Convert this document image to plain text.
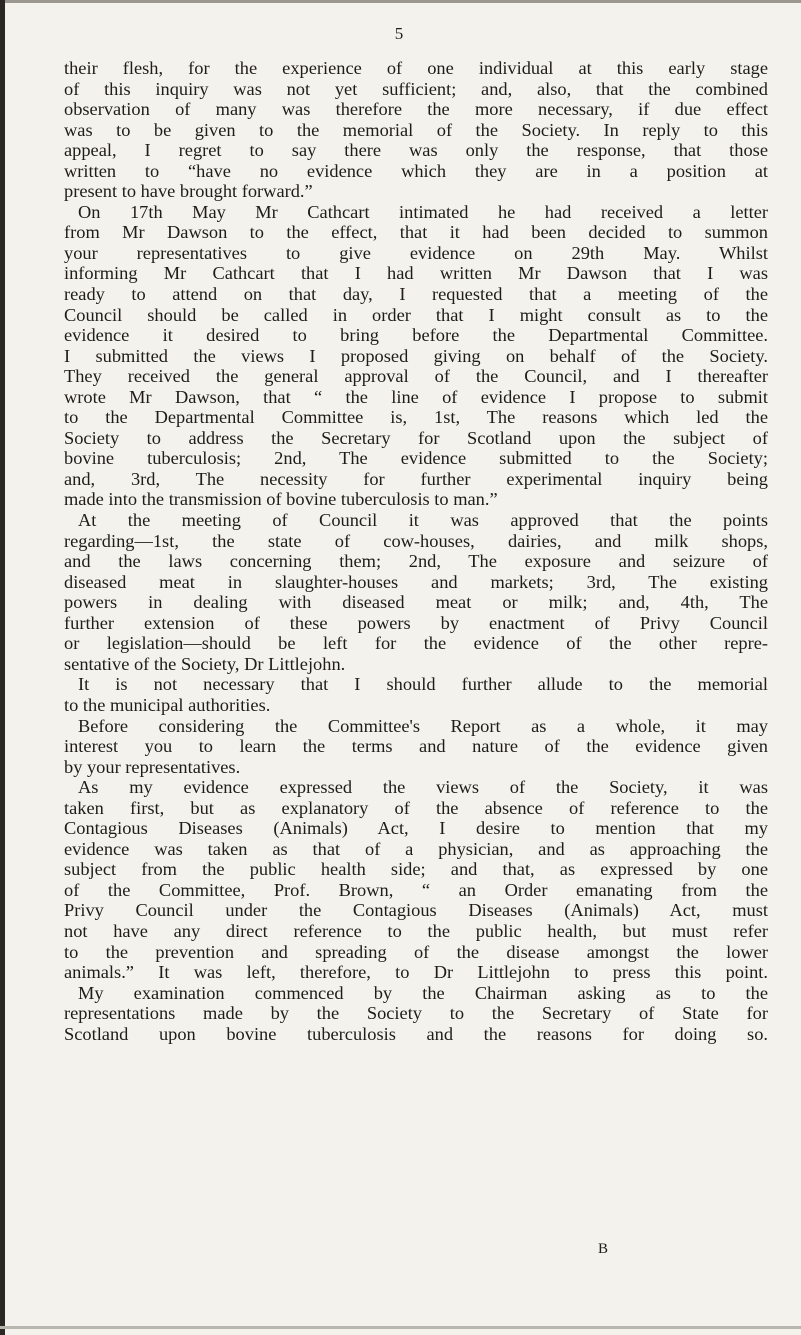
5
their flesh, for the experience of one individual at this early stage
of this inquiry was not yet sufficient; and, also, that the combined
observation of many was therefore the more necessary, if due effect
was to be given to the memorial of the Society. In reply to this
appeal, I regret to say there was only the response, that those
written to “have no evidence which they are in a position at
present to have brought forward.”
On 17th May Mr Cathcart intimated he had received a letter
from Mr Dawson to the effect, that it had been decided to summon
your representatives to give evidence on 29th May. Whilst
informing Mr Cathcart that I had written Mr Dawson that I was
ready to attend on that day, I requested that a meeting of the
Council should be called in order that I might consult as to the
evidence it desired to bring before the Departmental Committee.
I submitted the views I proposed giving on behalf of the Society.
They received the general approval of the Council, and I thereafter
wrote Mr Dawson, that “ the line of evidence I propose to submit
to the Departmental Committee is, 1st, The reasons which led the
Society to address the Secretary for Scotland upon the subject of
bovine tuberculosis; 2nd, The evidence submitted to the Society;
and, 3rd, The necessity for further experimental inquiry being
made into the transmission of bovine tuberculosis to man.”
At the meeting of Council it was approved that the points
regarding—1st, the state of cow-houses, dairies, and milk shops,
and the laws concerning them; 2nd, The exposure and seizure of
diseased meat in slaughter-houses and markets; 3rd, The existing
powers in dealing with diseased meat or milk; and, 4th, The
further extension of these powers by enactment of Privy Council
or legislation—should be left for the evidence of the other repre-
sentative of the Society, Dr Littlejohn.
It is not necessary that I should further allude to the memorial
to the municipal authorities.
Before considering the Committee's Report as a whole, it may
interest you to learn the terms and nature of the evidence given
by your representatives.
As my evidence expressed the views of the Society, it was
taken first, but as explanatory of the absence of reference to the
Contagious Diseases (Animals) Act, I desire to mention that my
evidence was taken as that of a physician, and as approaching the
subject from the public health side; and that, as expressed by one
of the Committee, Prof. Brown, “ an Order emanating from the
Privy Council under the Contagious Diseases (Animals) Act, must
not have any direct reference to the public health, but must refer
to the prevention and spreading of the disease amongst the lower
animals.” It was left, therefore, to Dr Littlejohn to press this point.
My examination commenced by the Chairman asking as to the
representations made by the Society to the Secretary of State for
Scotland upon bovine tuberculosis and the reasons for doing so.
B
